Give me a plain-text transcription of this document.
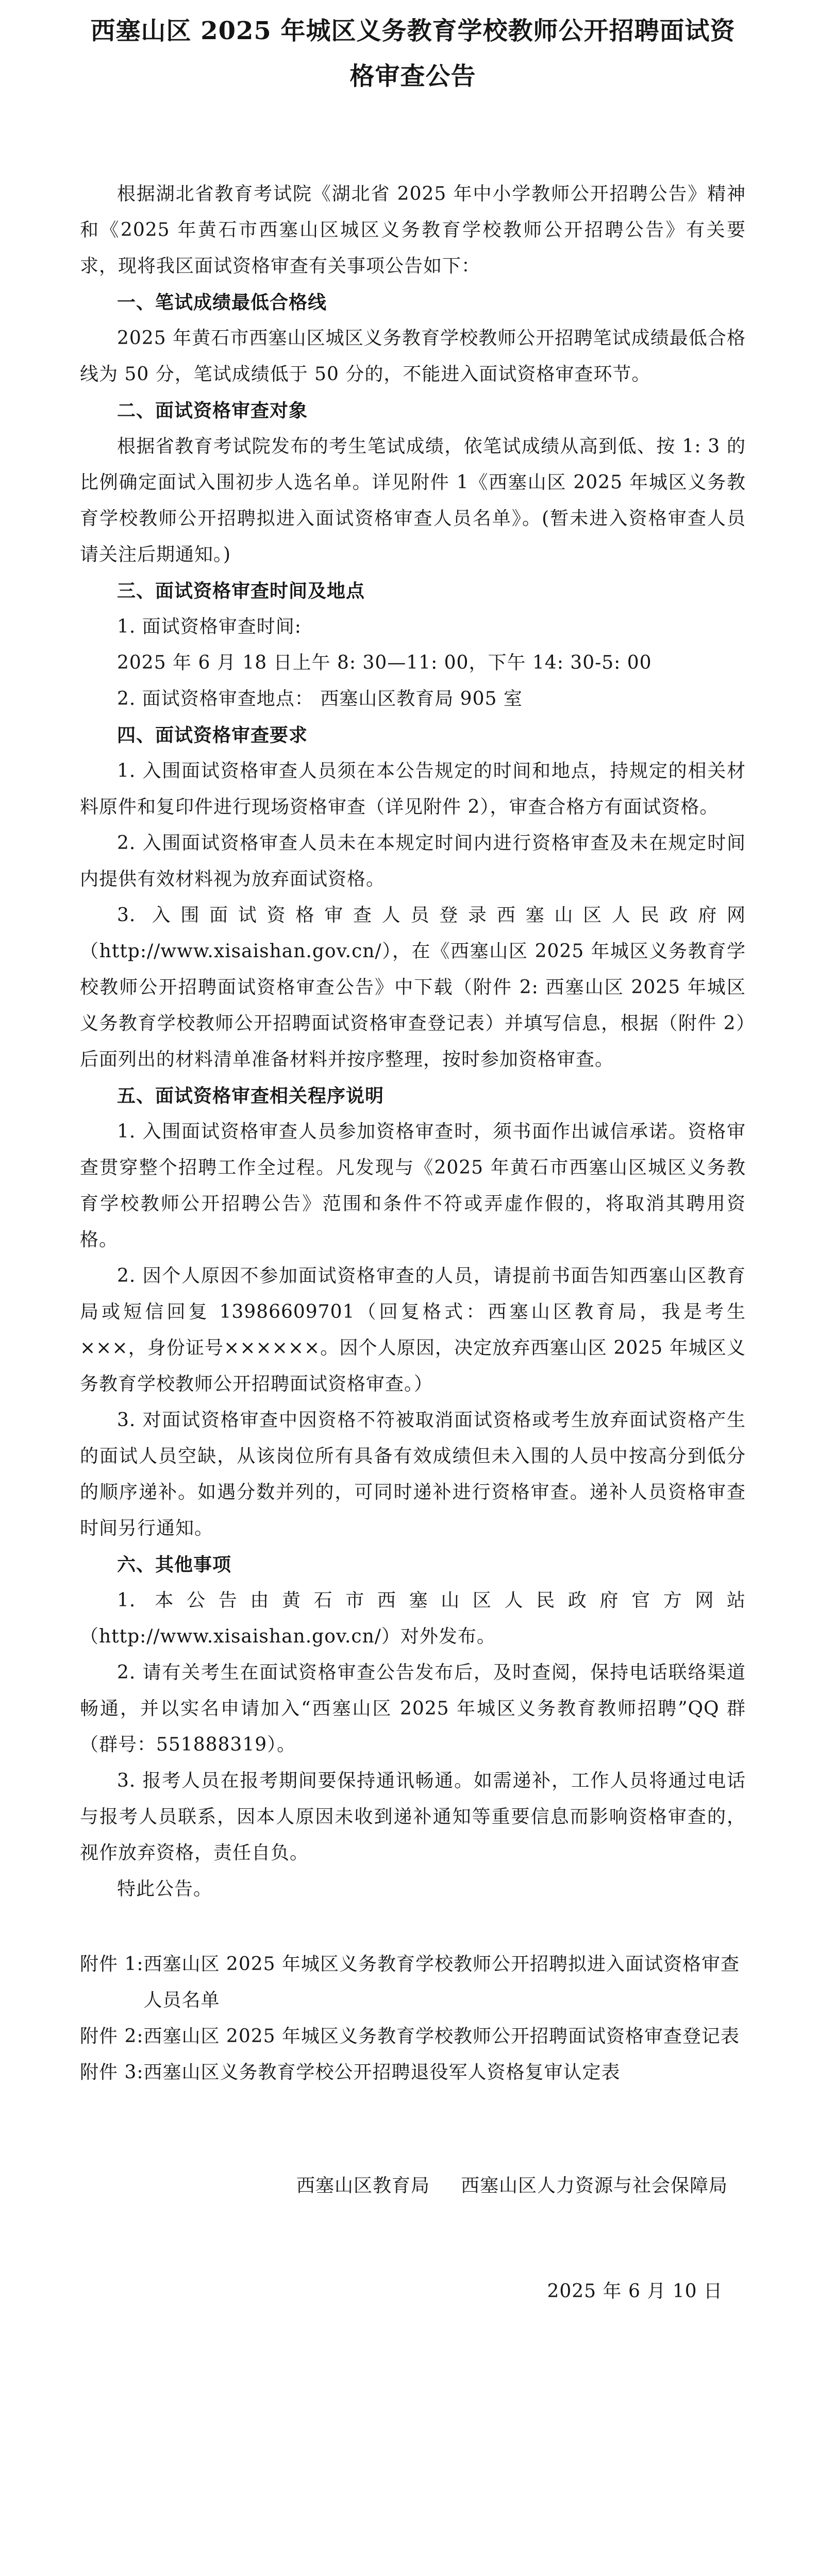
西塞山区 2025 年城区义务教育学校教师公开招聘面试资格审查公告

根据湖北省教育考试院《湖北省 2025 年中小学教师公开招聘公告》精神和《2025 年黄石市西塞山区城区义务教育学校教师公开招聘公告》有关要求，现将我区面试资格审查有关事项公告如下：

一、笔试成绩最低合格线

2025 年黄石市西塞山区城区义务教育学校教师公开招聘笔试成绩最低合格线为 50 分，笔试成绩低于 50 分的，不能进入面试资格审查环节。

二、面试资格审查对象

根据省教育考试院发布的考生笔试成绩，依笔试成绩从高到低、按 1: 3 的比例确定面试入围初步人选名单。详见附件 1《西塞山区 2025 年城区义务教育学校教师公开招聘拟进入面试资格审查人员名单》。(暂未进入资格审查人员请关注后期通知。)

三、面试资格审查时间及地点

1. 面试资格审查时间:

2025 年 6 月 18 日上午 8: 30—11: 00，下午 14: 30-5: 00

2. 面试资格审查地点： 西塞山区教育局 905 室

四、面试资格审查要求

1. 入围面试资格审查人员须在本公告规定的时间和地点，持规定的相关材料原件和复印件进行现场资格审查（详见附件 2），审查合格方有面试资格。

2. 入围面试资格审查人员未在本规定时间内进行资格审查及未在规定时间内提供有效材料视为放弃面试资格。

3. 入围面试资格审查人员登录西塞山区人民政府网（http://www.xisaishan.gov.cn/），在《西塞山区 2025 年城区义务教育学校教师公开招聘面试资格审查公告》中下载（附件 2: 西塞山区 2025 年城区义务教育学校教师公开招聘面试资格审查登记表）并填写信息，根据（附件 2）后面列出的材料清单准备材料并按序整理，按时参加资格审查。

五、面试资格审查相关程序说明

1. 入围面试资格审查人员参加资格审查时，须书面作出诚信承诺。资格审查贯穿整个招聘工作全过程。凡发现与《2025 年黄石市西塞山区城区义务教育学校教师公开招聘公告》范围和条件不符或弄虚作假的，将取消其聘用资格。

2. 因个人原因不参加面试资格审查的人员，请提前书面告知西塞山区教育局或短信回复 13986609701（回复格式：西塞山区教育局，我是考生×××，身份证号××××××。因个人原因，决定放弃西塞山区 2025 年城区义务教育学校教师公开招聘面试资格审查。）

3. 对面试资格审查中因资格不符被取消面试资格或考生放弃面试资格产生的面试人员空缺，从该岗位所有具备有效成绩但未入围的人员中按高分到低分的顺序递补。如遇分数并列的，可同时递补进行资格审查。递补人员资格审查时间另行通知。

六、其他事项

1. 本公告由黄石市西塞山区人民政府官方网站（http://www.xisaishan.gov.cn/）对外发布。

2. 请有关考生在面试资格审查公告发布后，及时查阅，保持电话联络渠道畅通，并以实名申请加入“西塞山区 2025 年城区义务教育教师招聘”QQ 群（群号：551888319）。

3. 报考人员在报考期间要保持通讯畅通。如需递补，工作人员将通过电话与报考人员联系，因本人原因未收到递补通知等重要信息而影响资格审查的，视作放弃资格，责任自负。

特此公告。

附件 1: 西塞山区 2025 年城区义务教育学校教师公开招聘拟进入面试资格审查人员名单
附件 2: 西塞山区 2025 年城区义务教育学校教师公开招聘面试资格审查登记表
附件 3: 西塞山区义务教育学校公开招聘退役军人资格复审认定表
西塞山区教育局 西塞山区人力资源与社会保障局
2025 年 6 月 10 日
